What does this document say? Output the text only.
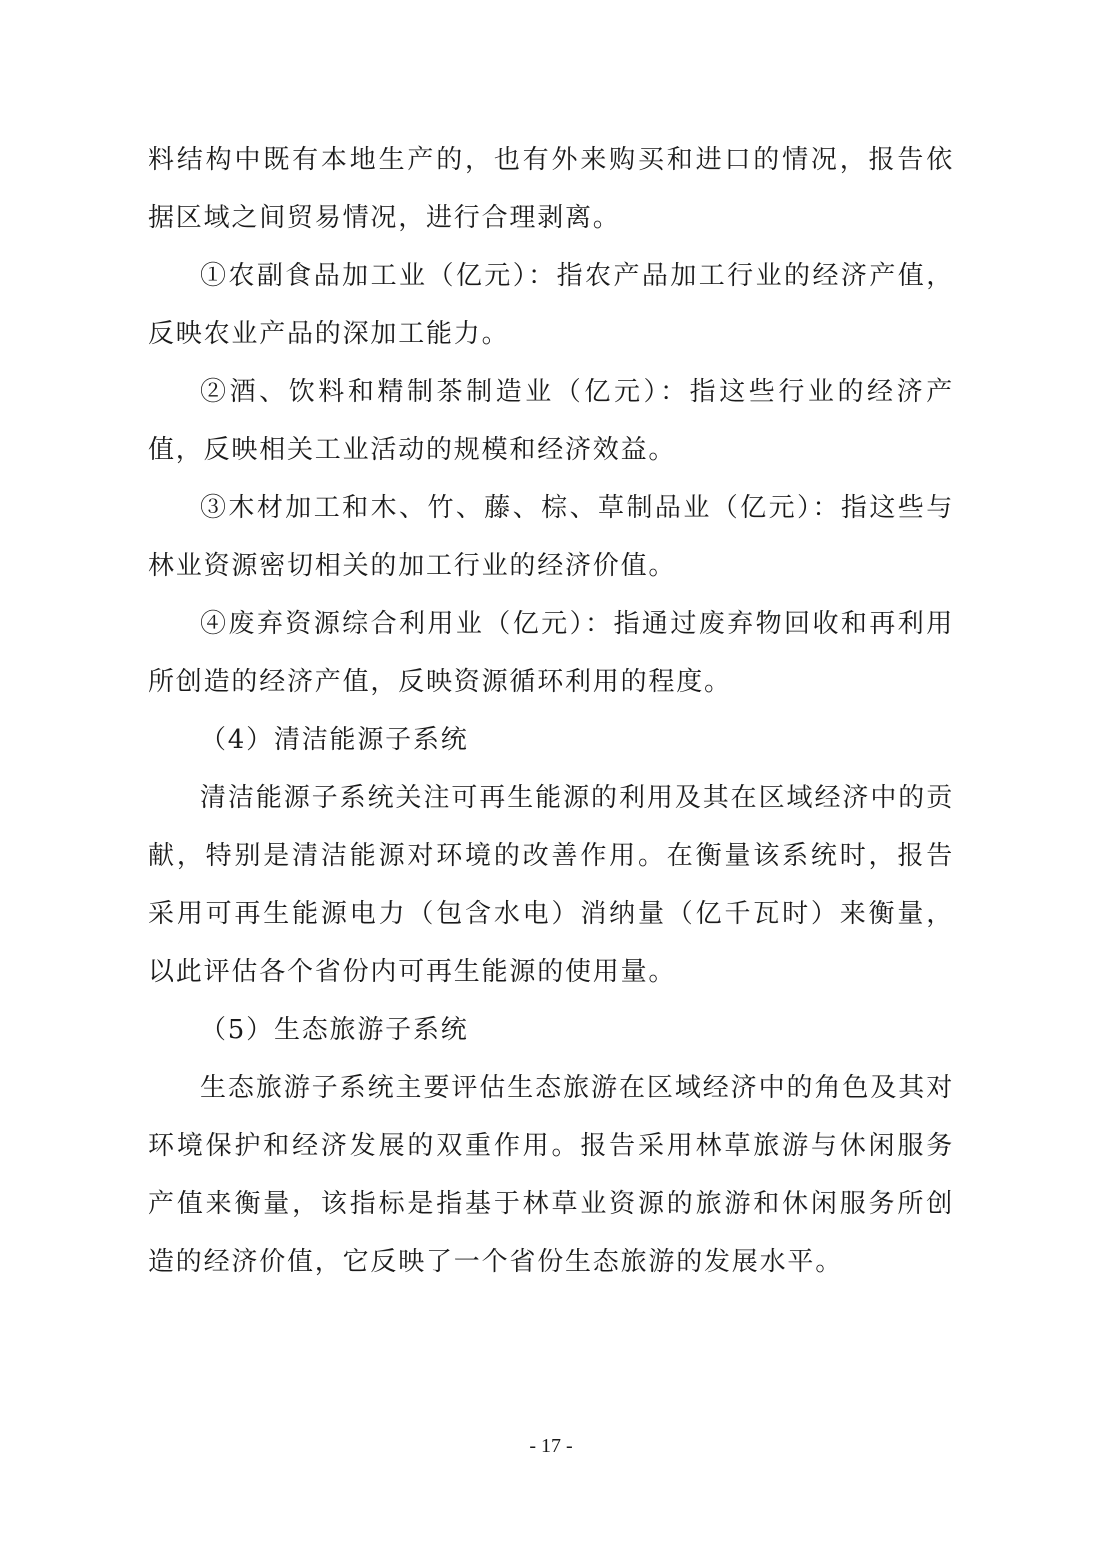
料结构中既有本地生产的，也有外来购买和进口的情况，报告依据区域之间贸易情况，进行合理剥离。

①农副食品加工业（亿元）：指农产品加工行业的经济产值，反映农业产品的深加工能力。

②酒、饮料和精制茶制造业（亿元）：指这些行业的经济产值，反映相关工业活动的规模和经济效益。

③木材加工和木、竹、藤、棕、草制品业（亿元）：指这些与林业资源密切相关的加工行业的经济价值。

④废弃资源综合利用业（亿元）：指通过废弃物回收和再利用所创造的经济产值，反映资源循环利用的程度。

（4）清洁能源子系统

清洁能源子系统关注可再生能源的利用及其在区域经济中的贡献，特别是清洁能源对环境的改善作用。在衡量该系统时，报告采用可再生能源电力（包含水电）消纳量（亿千瓦时）来衡量，以此评估各个省份内可再生能源的使用量。

（5）生态旅游子系统

生态旅游子系统主要评估生态旅游在区域经济中的角色及其对环境保护和经济发展的双重作用。报告采用林草旅游与休闲服务产值来衡量，该指标是指基于林草业资源的旅游和休闲服务所创造的经济价值，它反映了一个省份生态旅游的发展水平。

- 17 -
